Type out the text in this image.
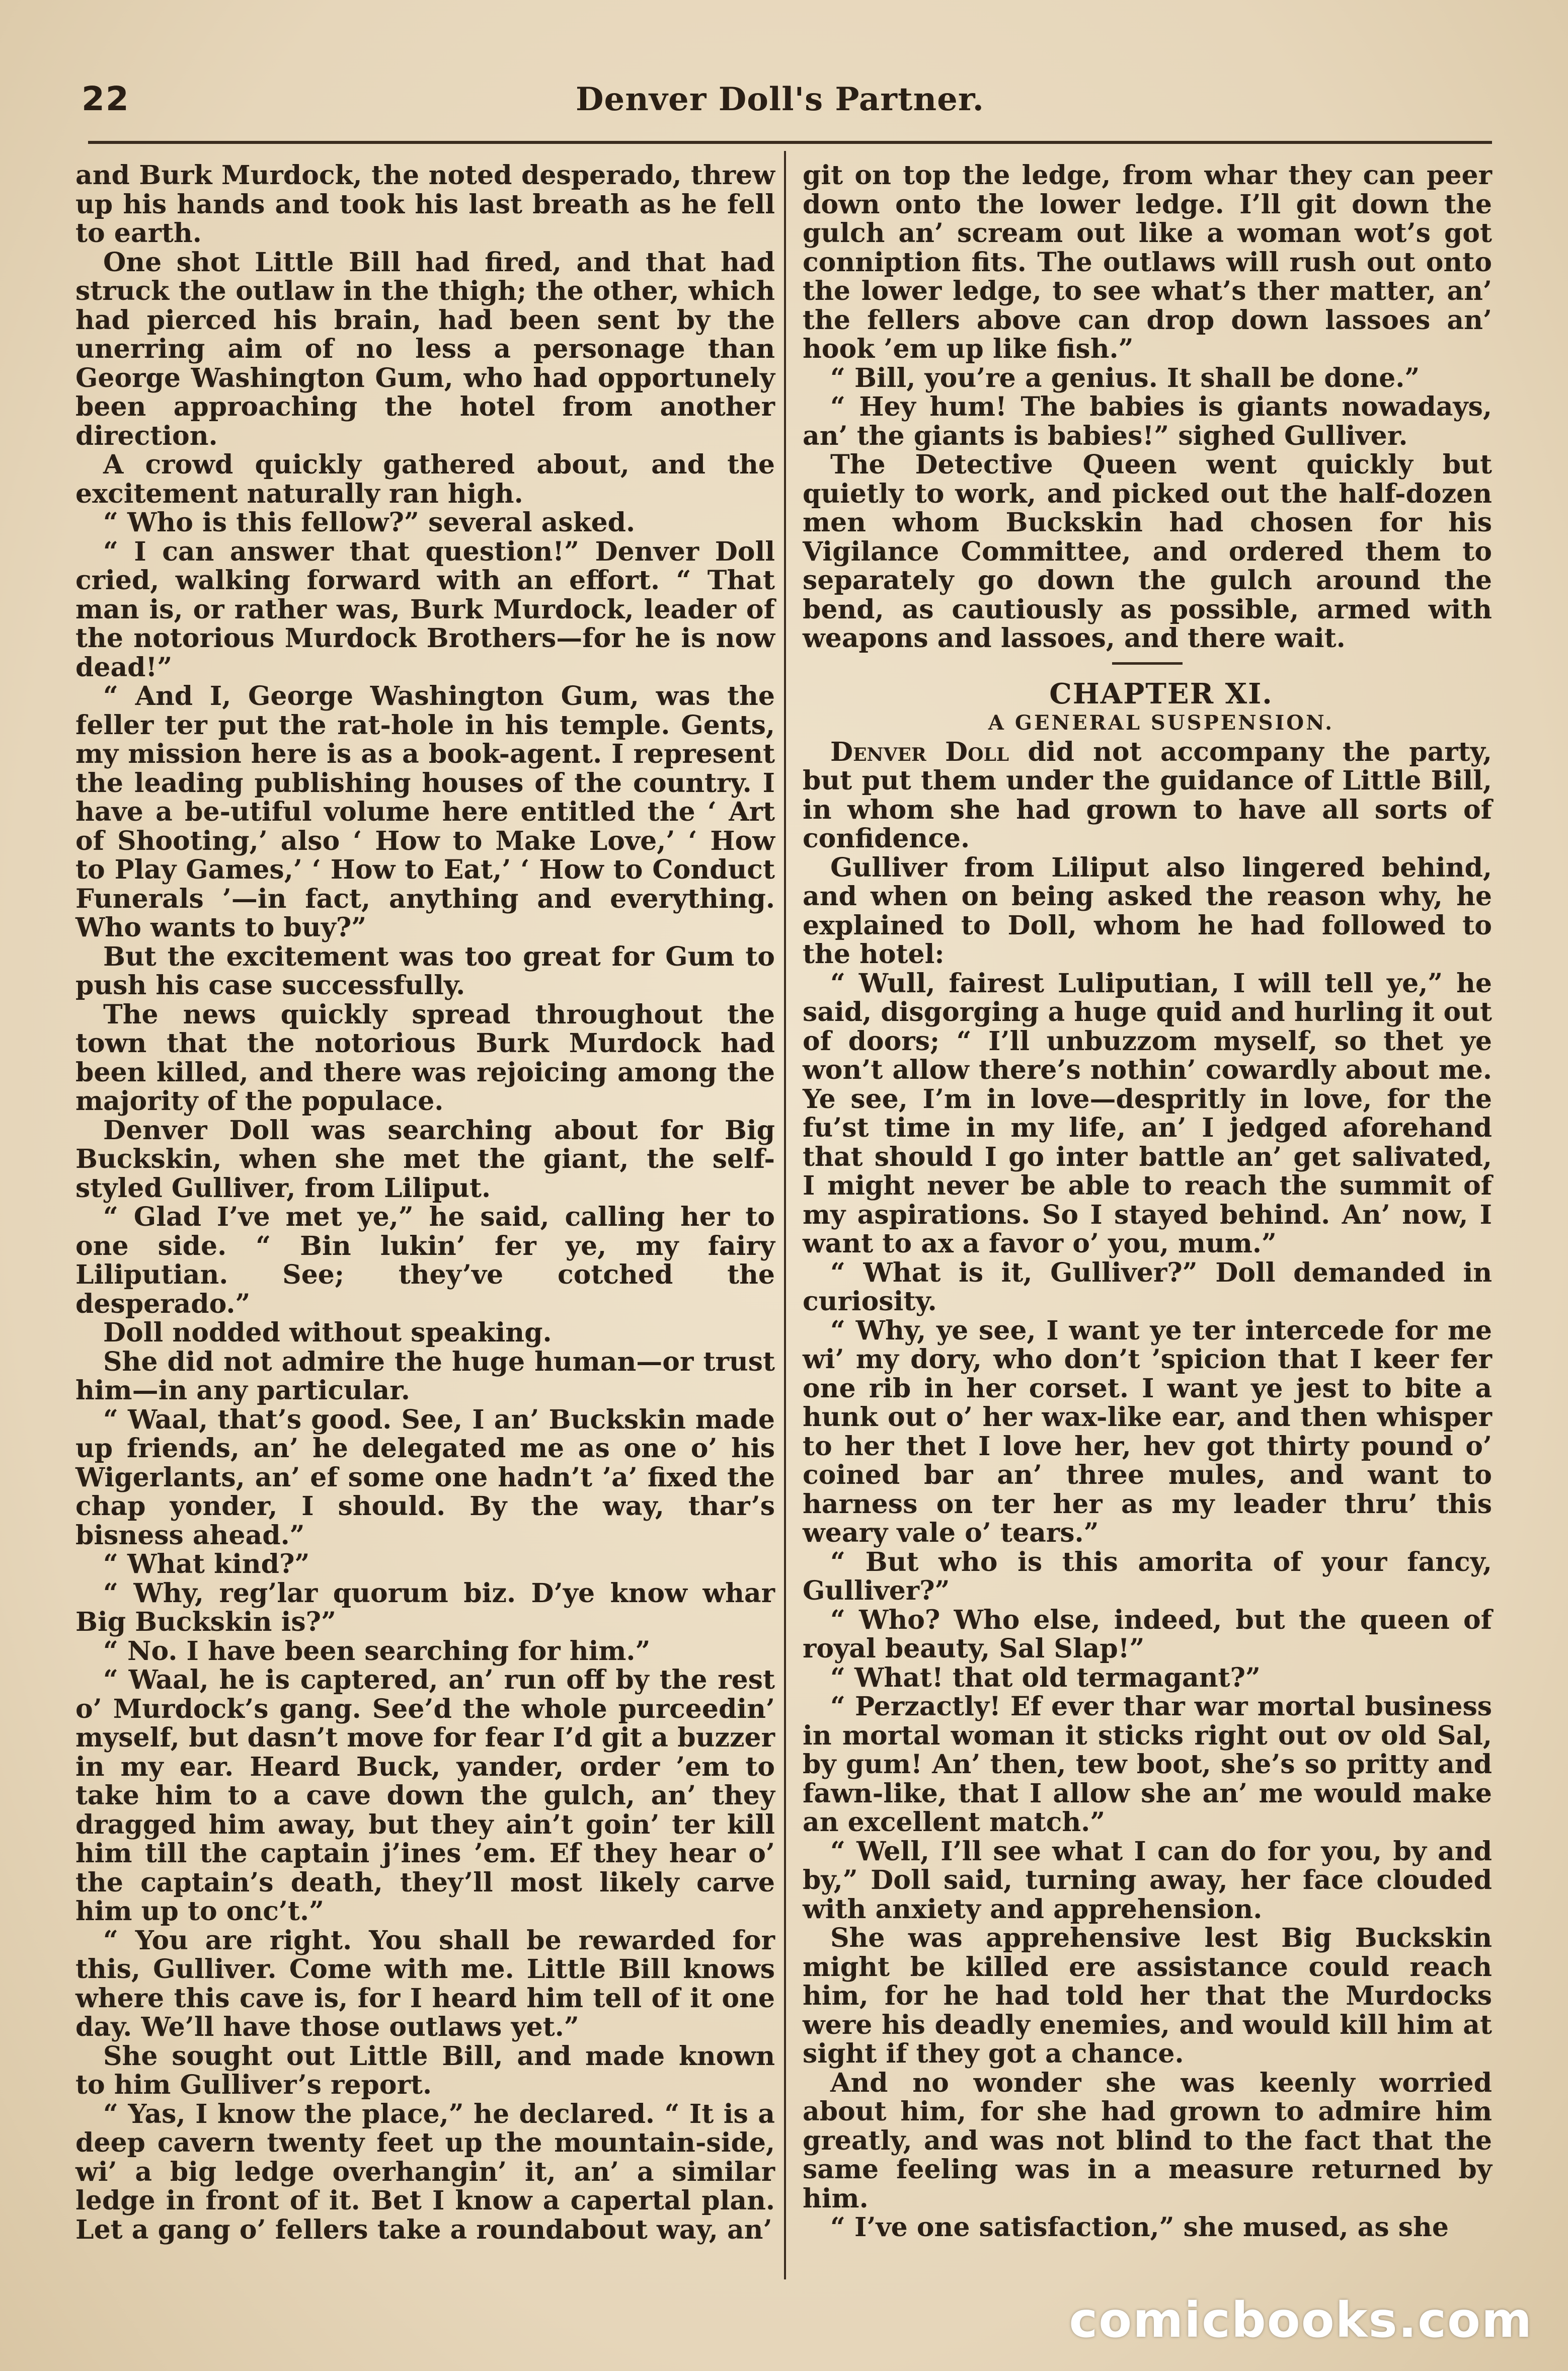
22	Denver Doll's Partner.

and Burk Murdock, the noted desperado, threw up his hands and took his last breath as he fell to earth.

One shot Little Bill had fired, and that had struck the outlaw in the thigh; the other, which had pierced his brain, had been sent by the unerring aim of no less a personage than George Washington Gum, who had opportunely been approaching the hotel from another direction.

A crowd quickly gathered about, and the excitement naturally ran high.

“ Who is this fellow?” several asked.

“ I can answer that question!” Denver Doll cried, walking forward with an effort. “ That man is, or rather was, Burk Murdock, leader of the notorious Murdock Brothers—for he is now dead!”

“ And I, George Washington Gum, was the feller ter put the rat-hole in his temple. Gents, my mission here is as a book-agent. I represent the leading publishing houses of the country. I have a be-utiful volume here entitled the ‘ Art of Shooting,’ also ‘ How to Make Love,’ ‘ How to Play Games,’ ‘ How to Eat,’ ‘ How to Conduct Funerals ’—in fact, anything and everything. Who wants to buy?”

But the excitement was too great for Gum to push his case successfully.

The news quickly spread throughout the town that the notorious Burk Murdock had been killed, and there was rejoicing among the majority of the populace.

Denver Doll was searching about for Big Buckskin, when she met the giant, the self-styled Gulliver, from Liliput.

“ Glad I’ve met ye,” he said, calling her to one side. “ Bin lukin’ fer ye, my fairy Liliputian. See; they’ve cotched the desperado.”

Doll nodded without speaking.

She did not admire the huge human—or trust him—in any particular.

“ Waal, that’s good. See, I an’ Buckskin made up friends, an’ he delegated me as one o’ his Wigerlants, an’ ef some one hadn’t ’a’ fixed the chap yonder, I should. By the way, thar’s bisness ahead.”

“ What kind?”

“ Why, reg’lar quorum biz. D’ye know whar Big Buckskin is?”

“ No. I have been searching for him.”

“ Waal, he is captered, an’ run off by the rest o’ Murdock’s gang. See’d the whole purceedin’ myself, but dasn’t move for fear I’d git a buzzer in my ear. Heard Buck, yander, order ’em to take him to a cave down the gulch, an’ they dragged him away, but they ain’t goin’ ter kill him till the captain j’ines ’em. Ef they hear o’ the captain’s death, they’ll most likely carve him up to onc’t.”

“ You are right. You shall be rewarded for this, Gulliver. Come with me. Little Bill knows where this cave is, for I heard him tell of it one day. We’ll have those outlaws yet.”

She sought out Little Bill, and made known to him Gulliver’s report.

“ Yas, I know the place,” he declared. “ It is a deep cavern twenty feet up the mountain-side, wi’ a big ledge overhangin’ it, an’ a similar ledge in front of it. Bet I know a capertal plan. Let a gang o’ fellers take a roundabout way, an’

git on top the ledge, from whar they can peer down onto the lower ledge. I’ll git down the gulch an’ scream out like a woman wot’s got conniption fits. The outlaws will rush out onto the lower ledge, to see what’s ther matter, an’ the fellers above can drop down lassoes an’ hook ’em up like fish.”

“ Bill, you’re a genius. It shall be done.”

“ Hey hum! The babies is giants nowadays, an’ the giants is babies!” sighed Gulliver.

The Detective Queen went quickly but quietly to work, and picked out the half-dozen men whom Buckskin had chosen for his Vigilance Committee, and ordered them to separately go down the gulch around the bend, as cautiously as possible, armed with weapons and lassoes, and there wait.

CHAPTER XI.

A GENERAL SUSPENSION.

Denver Doll did not accompany the party, but put them under the guidance of Little Bill, in whom she had grown to have all sorts of confidence.

Gulliver from Liliput also lingered behind, and when on being asked the reason why, he explained to Doll, whom he had followed to the hotel:

“ Wull, fairest Luliputian, I will tell ye,” he said, disgorging a huge quid and hurling it out of doors; “ I’ll unbuzzom myself, so thet ye won’t allow there’s nothin’ cowardly about me. Ye see, I’m in love—despritly in love, for the fu’st time in my life, an’ I jedged aforehand that should I go inter battle an’ get salivated, I might never be able to reach the summit of my aspirations. So I stayed behind. An’ now, I want to ax a favor o’ you, mum.”

“ What is it, Gulliver?” Doll demanded in curiosity.

“ Why, ye see, I want ye ter intercede for me wi’ my dory, who don’t ’spicion that I keer fer one rib in her corset. I want ye jest to bite a hunk out o’ her wax-like ear, and then whisper to her thet I love her, hev got thirty pound o’ coined bar an’ three mules, and want to harness on ter her as my leader thru’ this weary vale o’ tears.”

“ But who is this amorita of your fancy, Gulliver?”

“ Who? Who else, indeed, but the queen of royal beauty, Sal Slap!”

“ What! that old termagant?”

“ Perzactly! Ef ever thar war mortal business in mortal woman it sticks right out ov old Sal, by gum! An’ then, tew boot, she’s so pritty and fawn-like, that I allow she an’ me would make an excellent match.”

“ Well, I’ll see what I can do for you, by and by,” Doll said, turning away, her face clouded with anxiety and apprehension.

She was apprehensive lest Big Buckskin might be killed ere assistance could reach him, for he had told her that the Murdocks were his deadly enemies, and would kill him at sight if they got a chance.

And no wonder she was keenly worried about him, for she had grown to admire him greatly, and was not blind to the fact that the same feeling was in a measure returned by him.

“ I’ve one satisfaction,” she mused, as she

comicbooks.com
